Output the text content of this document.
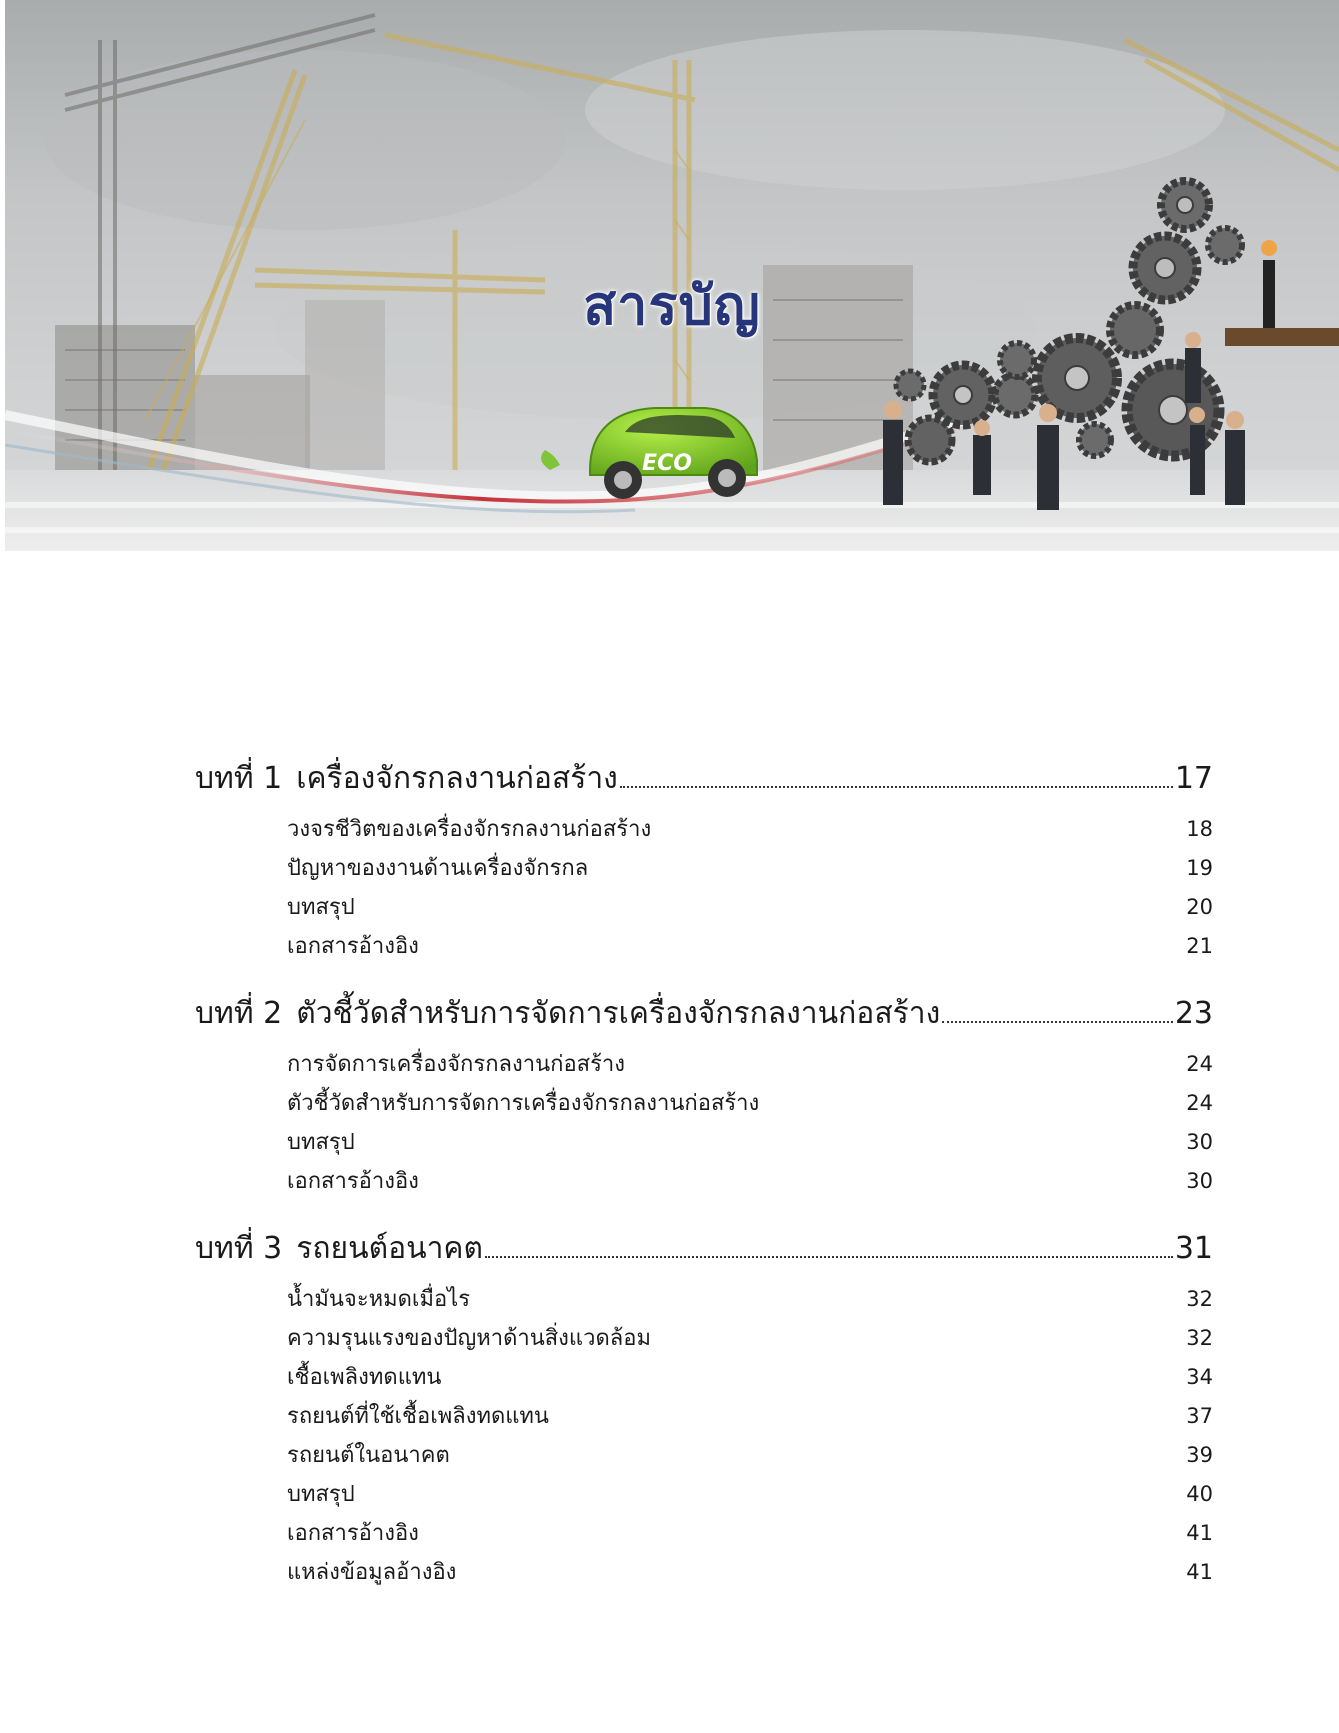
ECO
สารบัญ
บทที่ 1 เครื่องจักรกลงานก่อสร้าง	17
วงจรชีวิตของเครื่องจักรกลงานก่อสร้าง	18
ปัญหาของงานด้านเครื่องจักรกล	19
บทสรุป	20
เอกสารอ้างอิง	21
บทที่ 2 ตัวชี้วัดสำหรับการจัดการเครื่องจักรกลงานก่อสร้าง	23
การจัดการเครื่องจักรกลงานก่อสร้าง	24
ตัวชี้วัดสำหรับการจัดการเครื่องจักรกลงานก่อสร้าง	24
บทสรุป	30
เอกสารอ้างอิง	30
บทที่ 3 รถยนต์อนาคต	31
น้ำมันจะหมดเมื่อไร	32
ความรุนแรงของปัญหาด้านสิ่งแวดล้อม	32
เชื้อเพลิงทดแทน	34
รถยนต์ที่ใช้เชื้อเพลิงทดแทน	37
รถยนต์ในอนาคต	39
บทสรุป	40
เอกสารอ้างอิง	41
แหล่งข้อมูลอ้างอิง	41
